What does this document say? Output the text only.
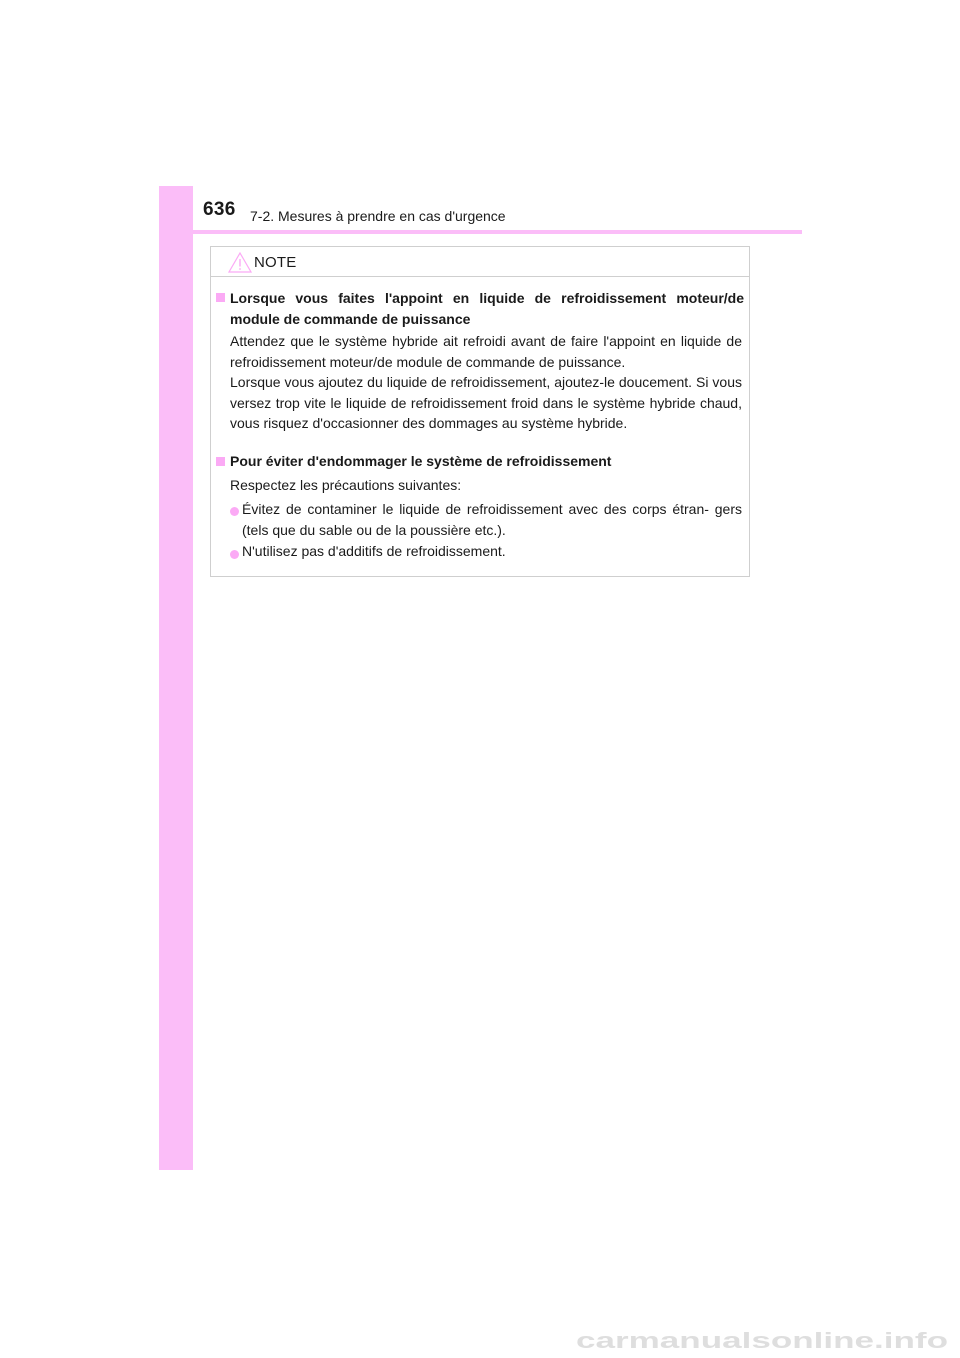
636 7-2. Mesures à prendre en cas d'urgence
NOTE
Lorsque vous faites l'appoint en liquide de refroidissement moteur/de module de commande de puissance
Attendez que le système hybride ait refroidi avant de faire l'appoint en liquide de refroidissement moteur/de module de commande de puissance.
Lorsque vous ajoutez du liquide de refroidissement, ajoutez-le doucement. Si vous versez trop vite le liquide de refroidissement froid dans le système hybride chaud, vous risquez d'occasionner des dommages au système hybride.
Pour éviter d'endommager le système de refroidissement
Respectez les précautions suivantes:
Évitez de contaminer le liquide de refroidissement avec des corps étran- gers (tels que du sable ou de la poussière etc.).
N'utilisez pas d'additifs de refroidissement.
carmanualsonline.info
